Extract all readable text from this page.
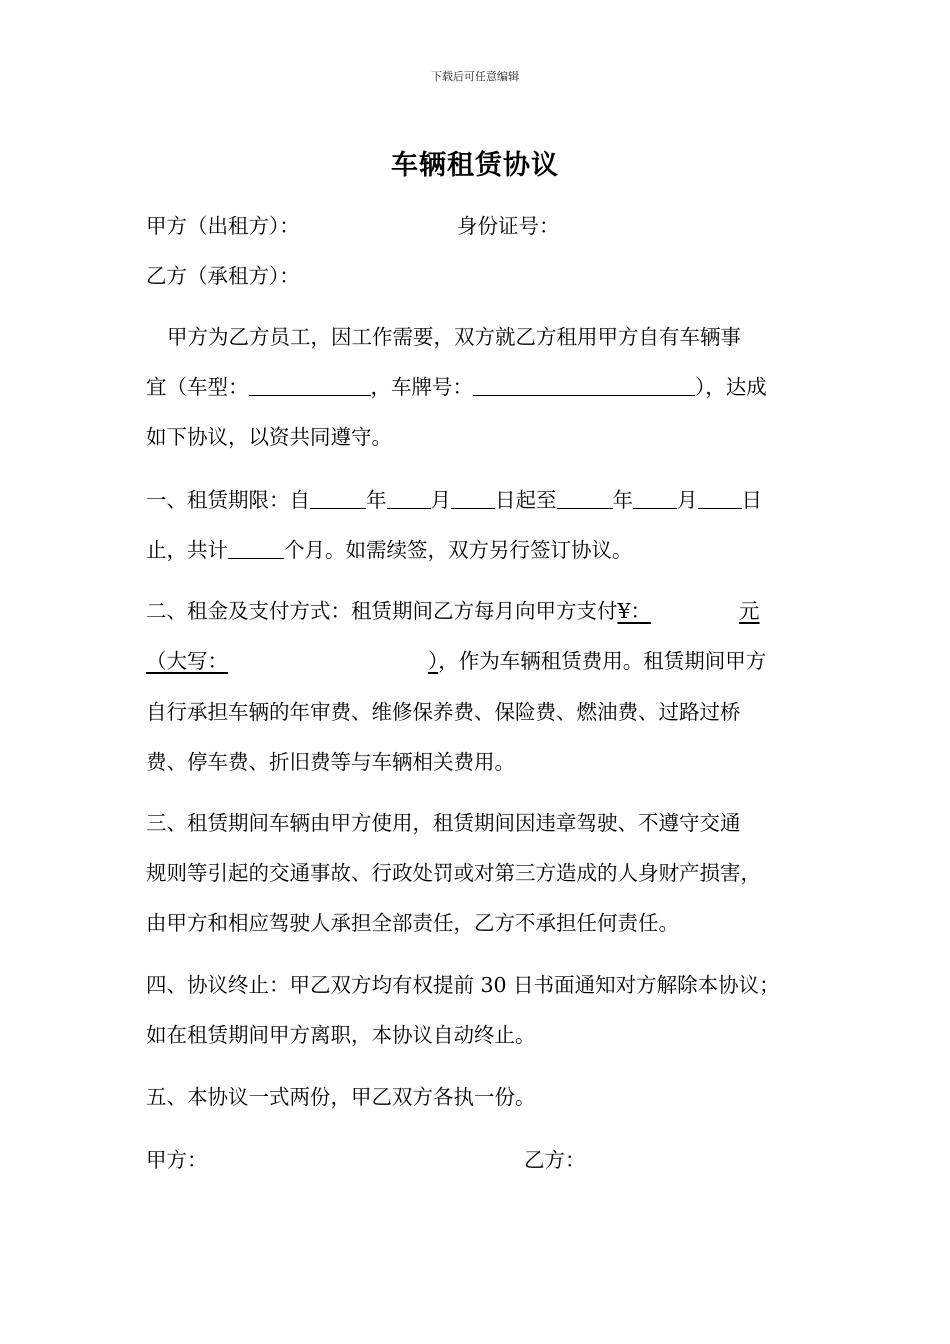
下载后可任意编辑
车辆租赁协议
甲方（出租方）：	身份证号：
乙方（承租方）：
甲方为乙方员工，因工作需要，双方就乙方租用甲方自有车辆事
宜（车型：	，车牌号：	），达成
如下协议，以资共同遵守。
一、租赁期限：自	年 月 日起至	年 月 日
止，共计	个月。如需续签，双方另行签订协议。
二、租金及支付方式：租赁期间乙方每月向甲方支付¥：	元
（大写：	），作为车辆租赁费用。租赁期间甲方
自行承担车辆的年审费、维修保养费、保险费、燃油费、过路过桥
费、停车费、折旧费等与车辆相关费用。
三、租赁期间车辆由甲方使用，租赁期间因违章驾驶、不遵守交通
规则等引起的交通事故、行政处罚或对第三方造成的人身财产损害，
由甲方和相应驾驶人承担全部责任，乙方不承担任何责任。
四、协议终止：甲乙双方均有权提前 30 日书面通知对方解除本协议；
如在租赁期间甲方离职，本协议自动终止。
五、本协议一式两份，甲乙双方各执一份。
甲方：	乙方：
